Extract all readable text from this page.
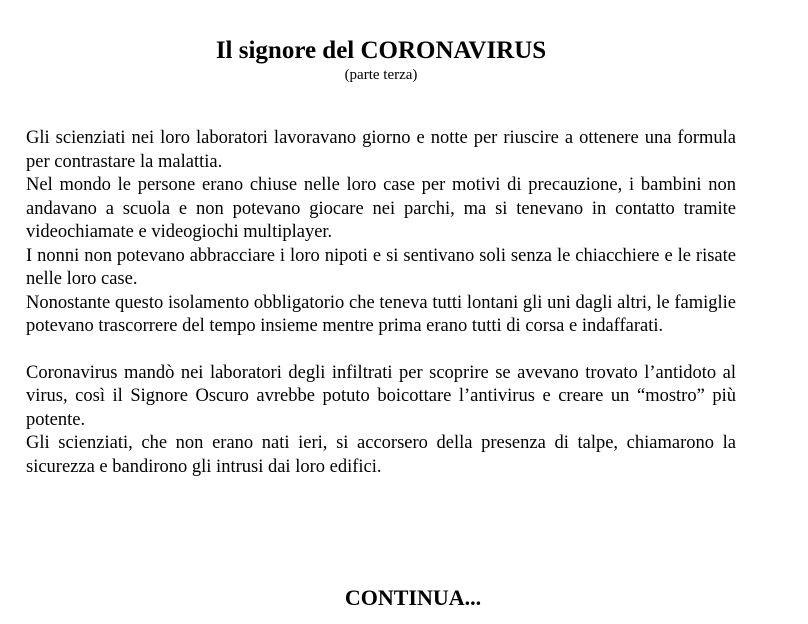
Il signore del CORONAVIRUS
(parte terza)

Gli scienziati nei loro laboratori lavoravano giorno e notte per riuscire a ottenere una formula per contrastare la malattia.

Nel mondo le persone erano chiuse nelle loro case per motivi di precauzione, i bambini non andavano a scuola e non potevano giocare nei parchi, ma si tenevano in contatto tramite videochiamate e videogiochi multiplayer.

I nonni non potevano abbracciare i loro nipoti e si sentivano soli senza le chiacchiere e le risate nelle loro case.

Nonostante questo isolamento obbligatorio che teneva tutti lontani gli uni dagli altri, le famiglie potevano trascorrere del tempo insieme mentre prima erano tutti di corsa e indaffarati.

Coronavirus mandò nei laboratori degli infiltrati per scoprire se avevano trovato l’antidoto al virus, così il Signore Oscuro avrebbe potuto boicottare l’antivirus e creare un “mostro” più potente.

Gli scienziati, che non erano nati ieri, si accorsero della presenza di talpe, chiamarono la sicurezza e bandirono gli intrusi dai loro edifici.

CONTINUA...
